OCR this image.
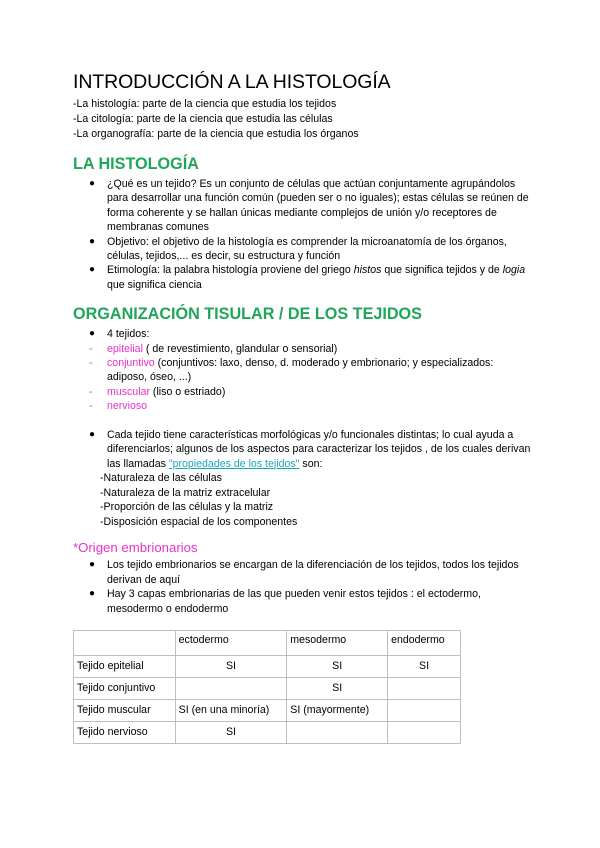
INTRODUCCIÓN A LA HISTOLOGÍA

-La histología: parte de la ciencia que estudia los tejidos

-La citología: parte de la ciencia que estudia las células

-La organografía: parte de la ciencia que estudia los órganos

LA HISTOLOGÍA
● ¿Qué es un tejido? Es un conjunto de células que actúan conjuntamente agrupándolos para desarrollar una función común (pueden ser o no iguales); estas células se reúnen de forma coherente y se hallan únicas mediante complejos de unión y/o receptores de membranas comunes
● Objetivo: el objetivo de la histología es comprender la microanatomía de los órganos, células, tejidos,... es decir, su estructura y función
● Etimología: la palabra histología proviene del griego histos que significa tejidos y de logia que significa ciencia
ORGANIZACIÓN TISULAR / DE LOS TEJIDOS
● 4 tejidos:
- epitelial ( de revestimiento, glandular o sensorial)
- conjuntivo (conjuntivos: laxo, denso, d. moderado y embrionario; y especializados: adiposo, óseo, ...)
- muscular (liso o estriado)
- nervioso
● Cada tejido tiene características morfológicas y/o funcionales distintas; lo cual ayuda a diferenciarlos; algunos de los aspectos para caracterizar los tejidos , de los cuales derivan las llamadas "propiedades de los tejidos" son:
-Naturaleza de las células
-Naturaleza de la matriz extracelular
-Proporción de las células y la matriz
-Disposición espacial de los componentes
*Origen embrionarios
● Los tejido embrionarios se encargan de la diferenciación de los tejidos, todos los tejidos derivan de aquí
● Hay 3 capas embrionarias de las que pueden venir estos tejidos : el ectodermo, mesodermo o endodermo
	ectodermo	mesodermo	endodermo
Tejido epitelial	SI	SI	SI
Tejido conjuntivo		SI	
Tejido muscular	SI (en una minoría)	SI (mayormente)	
Tejido nervioso	SI		
